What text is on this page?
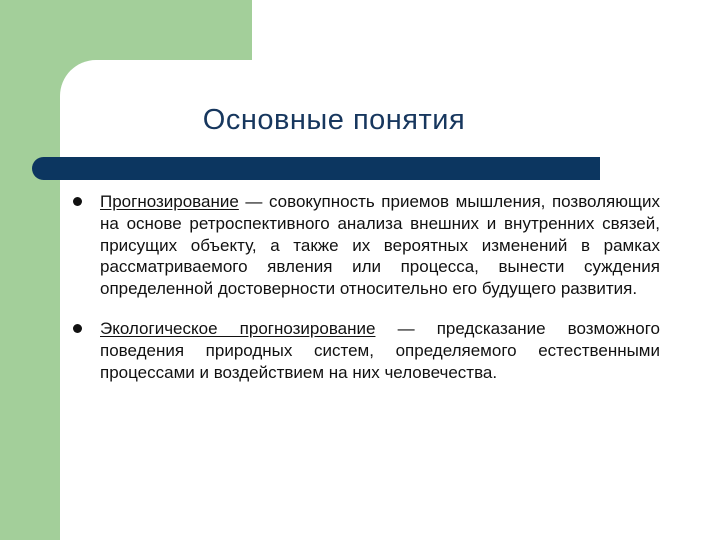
Основные понятия
Прогнозирование — совокупность приемов мышления, позволяющих на основе ретроспективного анализа внешних и внутренних связей, присущих объекту, а также их вероятных изменений в рамках рассматриваемого явления или процесса, вынести суждения определенной достоверности относительно его будущего развития.
Экологическое прогнозирование — предсказание возможного поведения природных систем, определяемого естественными процессами и воздействием на них человечества.
